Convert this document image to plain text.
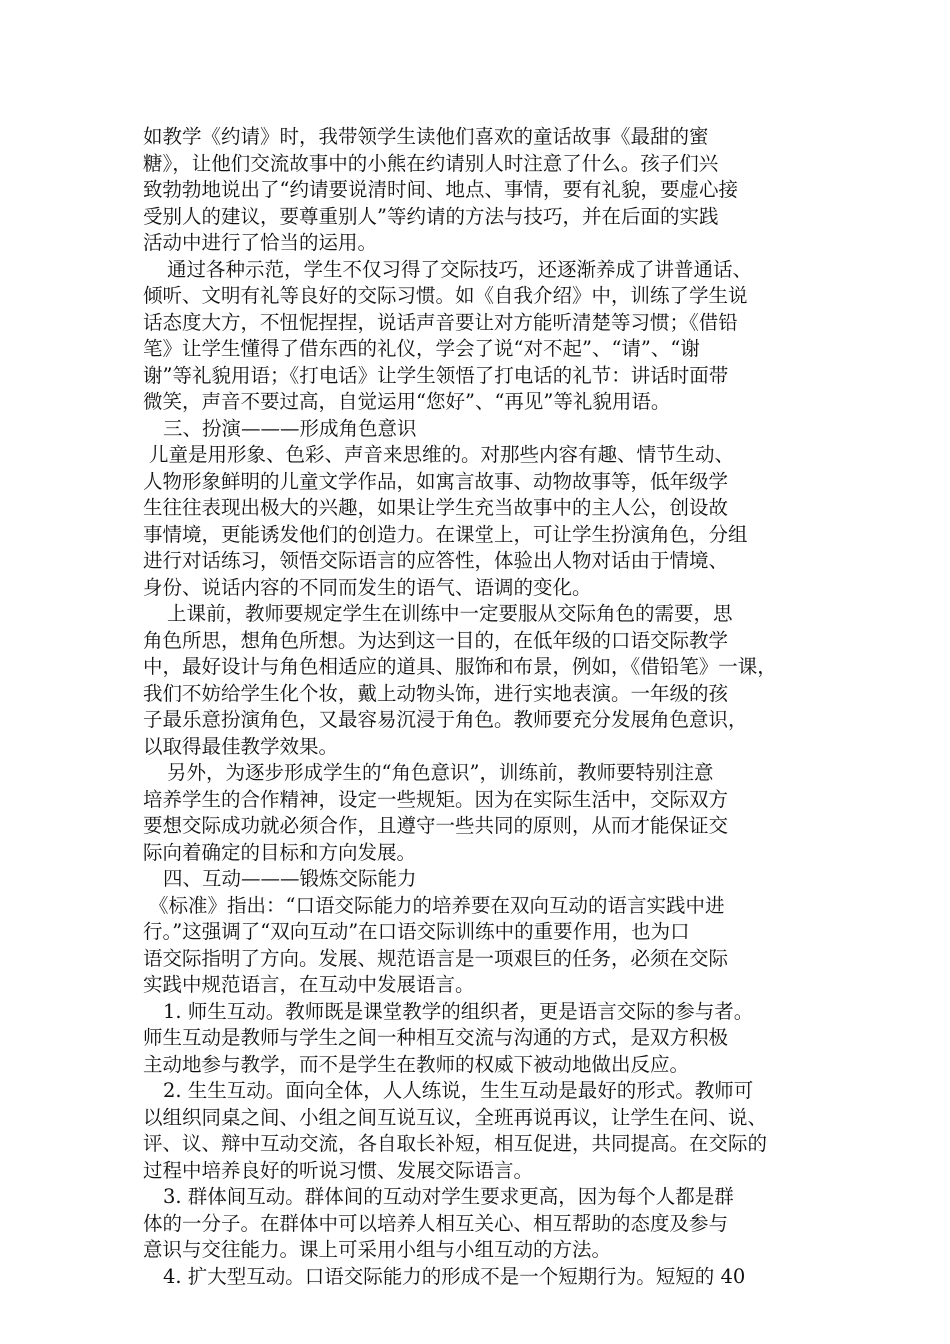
如教学《约请》时，我带领学生读他们喜欢的童话故事《最甜的蜜
糖》，让他们交流故事中的小熊在约请别人时注意了什么。孩子们兴
致勃勃地说出了“约请要说清时间、地点、事情，要有礼貌，要虚心接
受别人的建议，要尊重别人”等约请的方法与技巧，并在后面的实践
活动中进行了恰当的运用。
通过各种示范，学生不仅习得了交际技巧，还逐渐养成了讲普通话、
倾听、文明有礼等良好的交际习惯。如《自我介绍》中，训练了学生说
话态度大方，不忸怩捏捏，说话声音要让对方能听清楚等习惯；《借铅
笔》让学生懂得了借东西的礼仪，学会了说“对不起”、“请”、“谢
谢”等礼貌用语；《打电话》让学生领悟了打电话的礼节：讲话时面带
微笑，声音不要过高，自觉运用“您好”、“再见”等礼貌用语。
三、扮演———形成角色意识
儿童是用形象、色彩、声音来思维的。对那些内容有趣、情节生动、
人物形象鲜明的儿童文学作品，如寓言故事、动物故事等，低年级学
生往往表现出极大的兴趣，如果让学生充当故事中的主人公，创设故
事情境，更能诱发他们的创造力。在课堂上，可让学生扮演角色，分组
进行对话练习，领悟交际语言的应答性，体验出人物对话由于情境、
身份、说话内容的不同而发生的语气、语调的变化。
上课前，教师要规定学生在训练中一定要服从交际角色的需要，思
角色所思，想角色所想。为达到这一目的，在低年级的口语交际教学
中，最好设计与角色相适应的道具、服饰和布景，例如，《借铅笔》一课，
我们不妨给学生化个妆，戴上动物头饰，进行实地表演。一年级的孩
子最乐意扮演角色，又最容易沉浸于角色。教师要充分发展角色意识，
以取得最佳教学效果。
另外，为逐步形成学生的“角色意识”，训练前，教师要特别注意
培养学生的合作精神，设定一些规矩。因为在实际生活中，交际双方
要想交际成功就必须合作，且遵守一些共同的原则，从而才能保证交
际向着确定的目标和方向发展。
四、互动———锻炼交际能力
《标准》指出：“口语交际能力的培养要在双向互动的语言实践中进
行。”这强调了“双向互动”在口语交际训练中的重要作用，也为口
语交际指明了方向。发展、规范语言是一项艰巨的任务，必须在交际
实践中规范语言，在互动中发展语言。
1. 师生互动。教师既是课堂教学的组织者，更是语言交际的参与者。
师生互动是教师与学生之间一种相互交流与沟通的方式，是双方积极
主动地参与教学，而不是学生在教师的权威下被动地做出反应。
2. 生生互动。面向全体，人人练说，生生互动是最好的形式。教师可
以组织同桌之间、小组之间互说互议，全班再说再议，让学生在问、说、
评、议、辩中互动交流，各自取长补短，相互促进，共同提高。在交际的
过程中培养良好的听说习惯、发展交际语言。
3. 群体间互动。群体间的互动对学生要求更高，因为每个人都是群
体的一分子。在群体中可以培养人相互关心、相互帮助的态度及参与
意识与交往能力。课上可采用小组与小组互动的方法。
4. 扩大型互动。口语交际能力的形成不是一个短期行为。短短的 40
